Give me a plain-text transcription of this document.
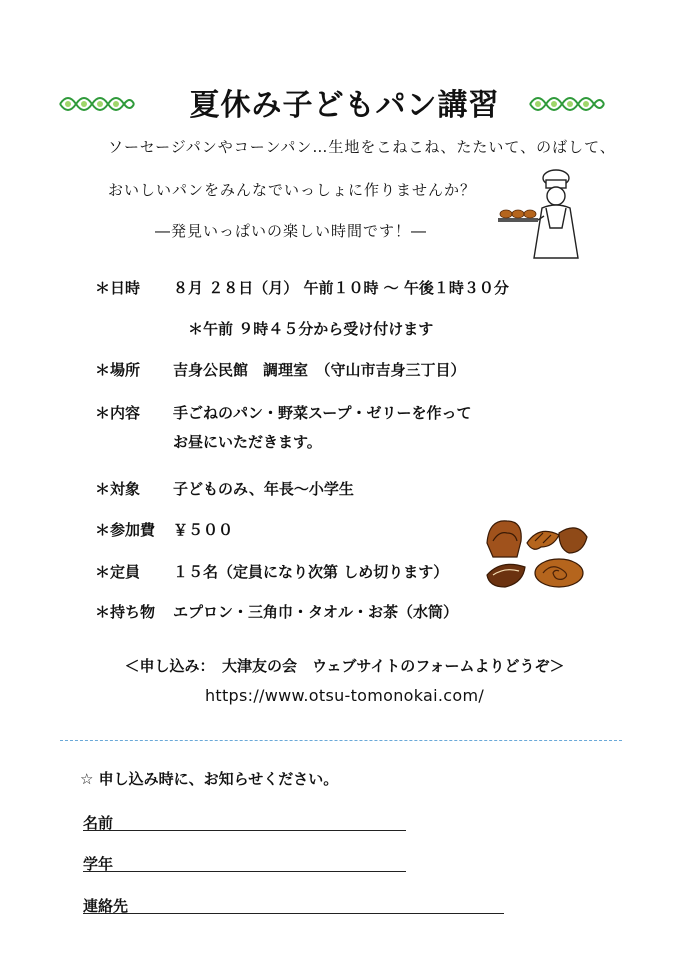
夏休み子どもパン講習
ソーセージパンやコーンパン…生地をこねこね、たたいて、のばして、
おいしいパンをみんなでいっしょに作りませんか？
―発見いっぱいの楽しい時間です！―
＊日時 ８月 ２８日（月） 午前１０時 ～ 午後１時３０分
＊午前 ９時４５分から受け付けます
＊場所 吉身公民館　調理室　（守山市吉身三丁目）
＊内容 手ごねのパン・野菜スープ・ゼリーを作って
お昼にいただきます。
＊対象 子どものみ、年長～小学生
＊参加費 ￥５００
＊定員 １５名（定員になり次第 しめ切ります）
＊持ち物 エプロン・三角巾・タオル・お茶（水筒）
＜申し込み：　大津友の会　ウェブサイトのフォームよりどうぞ＞
https://www.otsu-tomonokai.com/
☆ 申し込み時に、お知らせください。
名前
学年
連絡先
